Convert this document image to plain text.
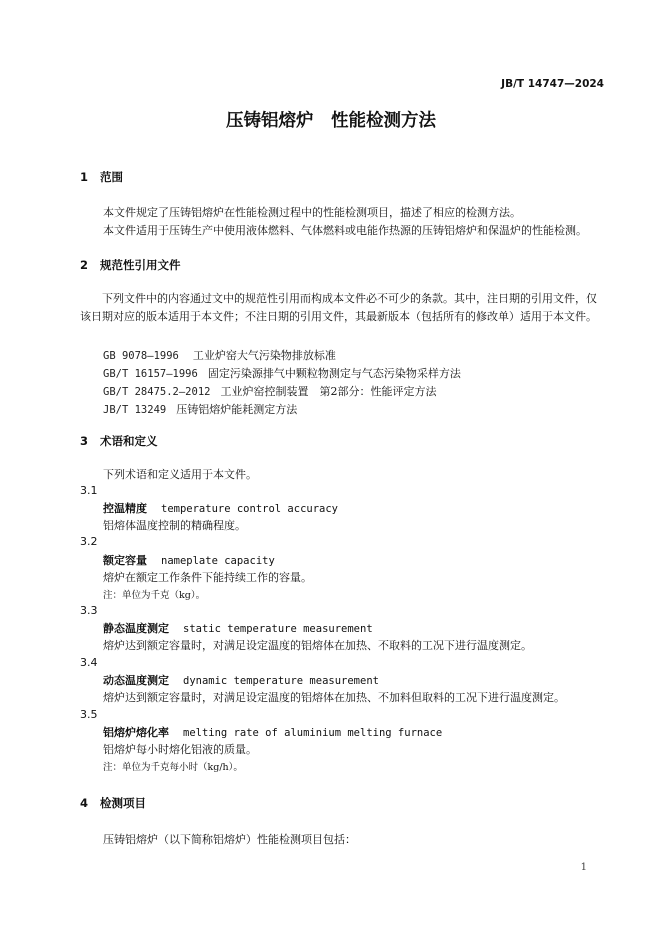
JB/T 14747—2024
压铸铝熔炉　性能检测方法
1 范围
本文件规定了压铸铝熔炉在性能检测过程中的性能检测项目，描述了相应的检测方法。
本文件适用于压铸生产中使用液体燃料、气体燃料或电能作热源的压铸铝熔炉和保温炉的性能检测。
2 规范性引用文件
下列文件中的内容通过文中的规范性引用而构成本文件必不可少的条款。其中，注日期的引用文件，仅该日期对应的版本适用于本文件；不注日期的引用文件，其最新版本（包括所有的修改单）适用于本文件。
GB 9078—1996 工业炉窑大气污染物排放标准
GB/T 16157—1996 固定污染源排气中颗粒物测定与气态污染物采样方法
GB/T 28475.2—2012 工业炉窑控制装置　第2部分：性能评定方法
JB/T 13249 压铸铝熔炉能耗测定方法
3 术语和定义
下列术语和定义适用于本文件。
3.1
控温精度 temperature control accuracy
铝熔体温度控制的精确程度。
3.2
额定容量 nameplate capacity
熔炉在额定工作条件下能持续工作的容量。
注：单位为千克（kg）。
3.3
静态温度测定 static temperature measurement
熔炉达到额定容量时，对满足设定温度的铝熔体在加热、不取料的工况下进行温度测定。
3.4
动态温度测定 dynamic temperature measurement
熔炉达到额定容量时，对满足设定温度的铝熔体在加热、不加料但取料的工况下进行温度测定。
3.5
铝熔炉熔化率 melting rate of aluminium melting furnace
铝熔炉每小时熔化铝液的质量。
注：单位为千克每小时（kg/h）。
4 检测项目
压铸铝熔炉（以下简称铝熔炉）性能检测项目包括：
1
